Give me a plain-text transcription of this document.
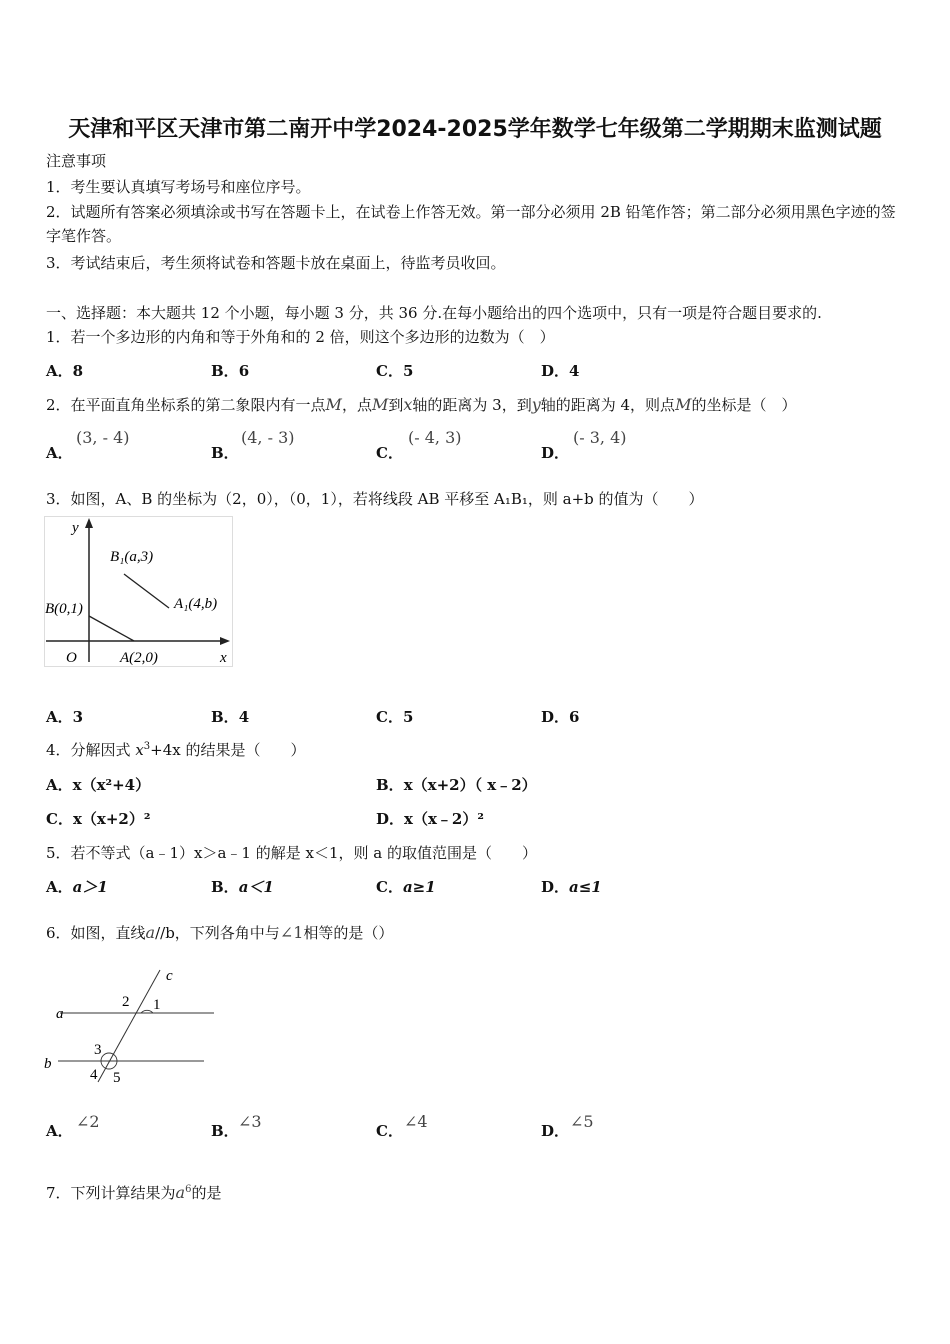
天津和平区天津市第二南开中学2024-2025学年数学七年级第二学期期末监测试题
注意事项
1．考生要认真填写考场号和座位序号。
2．试题所有答案必须填涂或书写在答题卡上，在试卷上作答无效。第一部分必须用 2B 铅笔作答；第二部分必须用黑色字迹的签字笔作答。
3．考试结束后，考生须将试卷和答题卡放在桌面上，待监考员收回。
一、选择题：本大题共 12 个小题，每小题 3 分，共 36 分.在每小题给出的四个选项中，只有一项是符合题目要求的.
1．若一个多边形的内角和等于外角和的 2 倍，则这个多边形的边数为（　）
A．8	B．6	C．5	D．4
2．在平面直角坐标系的第二象限内有一点M，点M到x轴的距离为 3，到y轴的距离为 4，则点M的坐标是（　）
A．
(3, - 4)
B．
(4, - 3)
C．
(- 4, 3)
D．
(- 3, 4)
3．如图，A、B 的坐标为（2，0），（0，1），若将线段 AB 平移至 A₁B₁，则 a+b 的值为（　　）
y
x
O
B₁(a,3)
A₁(4,b)
B(0,1)
A(2,0)
A．3	B．4	C．5	D．6
4．分解因式 $x^3+4x$ 的结果是（　　）
A．x（x²+4）	B．x（x+2）（ x﹣2）
C．x（x+2）²	D．x（x﹣2）²
5．若不等式（a﹣1）x＞a﹣1 的解是 x＜1，则 a 的取值范围是（　　）
A．a＞1	B．a＜1	C．a≥1	D．a≤1
6．如图，直线a//b，下列各角中与∠1相等的是（）
c
a
b
1
2
3
4 5
A． ∠2	B． ∠3	C． ∠4	D． ∠5
7．下列计算结果为$a^6$的是
